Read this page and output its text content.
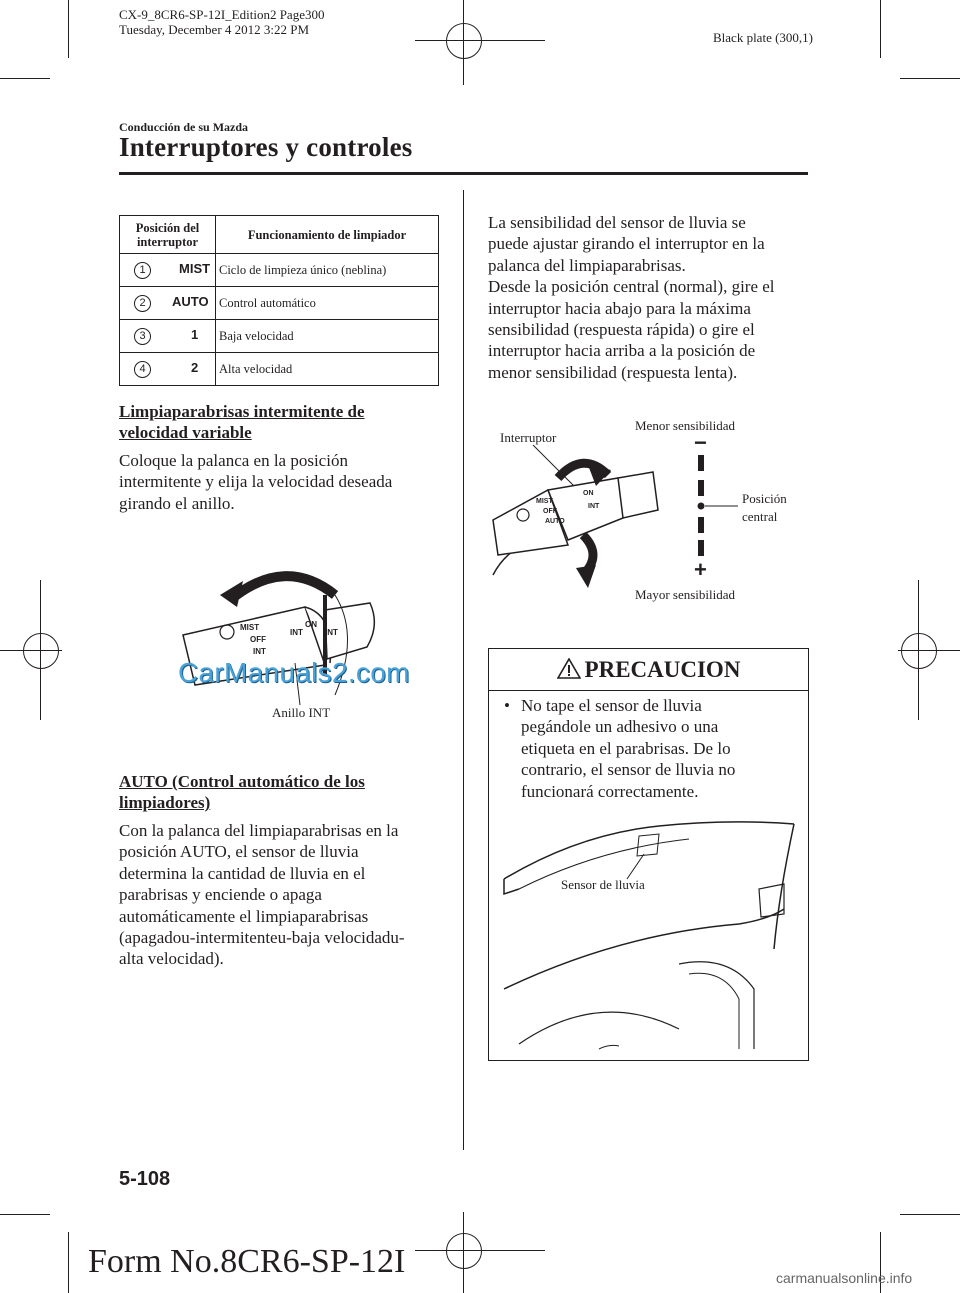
CX-9_8CR6-SP-12I_Edition2 Page300
Tuesday, December 4 2012 3:22 PM
Black plate (300,1)
Conducción de su Mazda
Interruptores y controles
Posición del interruptor	Funcionamiento de limpiador
1 MIST	Ciclo de limpieza único (neblina)
2 AUTO	Control automático
3 1	Baja velocidad
4 2	Alta velocidad
Limpiaparabrisas intermitente de
velocidad variable
Coloque la palanca en la posición
intermitente y elija la velocidad deseada
girando el anillo.
MIST
OFF
INT
INT
ON
INT
CarManuals2.com
Anillo INT
AUTO (Control automático de los
limpiadores)
Con la palanca del limpiaparabrisas en la
posición AUTO, el sensor de lluvia
determina la cantidad de lluvia en el
parabrisas y enciende o apaga
automáticamente el limpiaparabrisas
(apagadou-intermitenteu-baja velocidadu-
alta velocidad).
La sensibilidad del sensor de lluvia se
puede ajustar girando el interruptor en la
palanca del limpiaparabrisas.
Desde la posición central (normal), gire el
interruptor hacia abajo para la máxima
sensibilidad (respuesta rápida) o gire el
interruptor hacia arriba a la posición de
menor sensibilidad (respuesta lenta).
MIST
OFF
AUTO
ON
INT
Interruptor
Menor sensibilidad
−
Posición
central
+
Mayor sensibilidad
PRECAUCION
• No tape el sensor de lluvia
pegándole un adhesivo o una
etiqueta en el parabrisas. De lo
contrario, el sensor de lluvia no
funcionará correctamente.
Sensor de lluvia
5-108
Form No.8CR6-SP-12I	carmanualsonline.info
